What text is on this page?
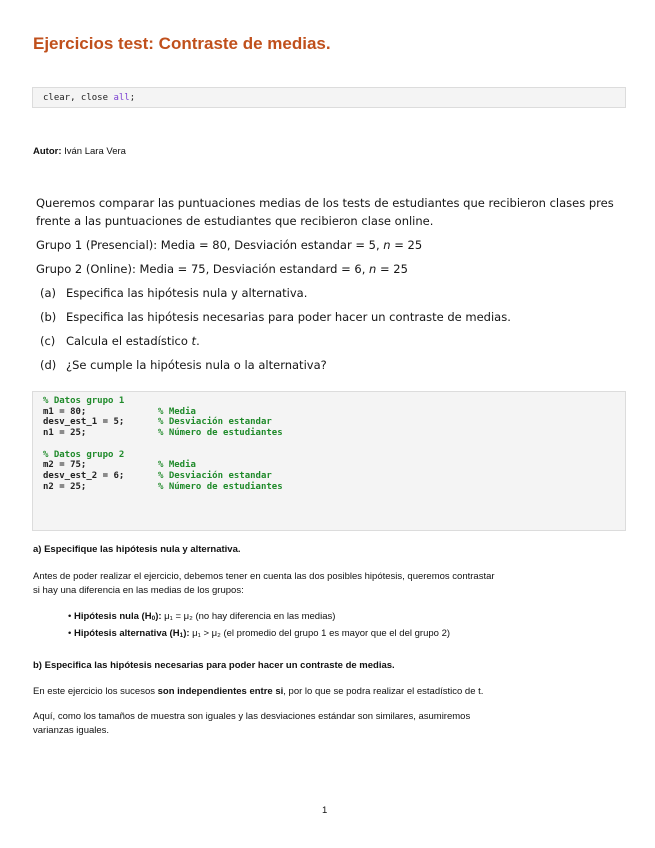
Ejercicios test: Contraste de medias.
clear, close all;
Autor: Iván Lara Vera
Queremos comparar las puntuaciones medias de los tests de estudiantes que recibieron clases pres
frente a las puntuaciones de estudiantes que recibieron clase online.
Grupo 1 (Presencial): Media = 80, Desviación estandar = 5, n = 25
Grupo 2 (Online): Media = 75, Desviación estandard = 6, n = 25
(a) Especifica las hipótesis nula y alternativa.
(b) Especifica las hipótesis necesarias para poder hacer un contraste de medias.
(c) Calcula el estadístico t.
(d) ¿Se cumple la hipótesis nula o la alternativa?
% Datos grupo 1
m1 = 80;	% Media
desv_est_1 = 5;	% Desviación estandar
n1 = 25;	% Número de estudiantes

% Datos grupo 2
m2 = 75;	% Media
desv_est_2 = 6;	% Desviación estandar
n2 = 25;	% Número de estudiantes
a) Especifique las hipótesis nula y alternativa.
Antes de poder realizar el ejercicio, debemos tener en cuenta las dos posibles hipótesis, queremos contrastar
si hay una diferencia en las medias de los grupos:
• Hipótesis nula $(H_0)$: μ₁ = μ₂ (no hay diferencia en las medias)
• Hipótesis alternativa $(H_1)$: μ₁ > μ₂ (el promedio del grupo 1 es mayor que el del grupo 2)
b) Especifica las hipótesis necesarias para poder hacer un contraste de medias.
En este ejercicio los sucesos son independientes entre si, por lo que se podra realizar el estadístico de t.
Aquí, como los tamaños de muestra son iguales y las desviaciones estándar son similares, asumiremos
varianzas iguales.
1
